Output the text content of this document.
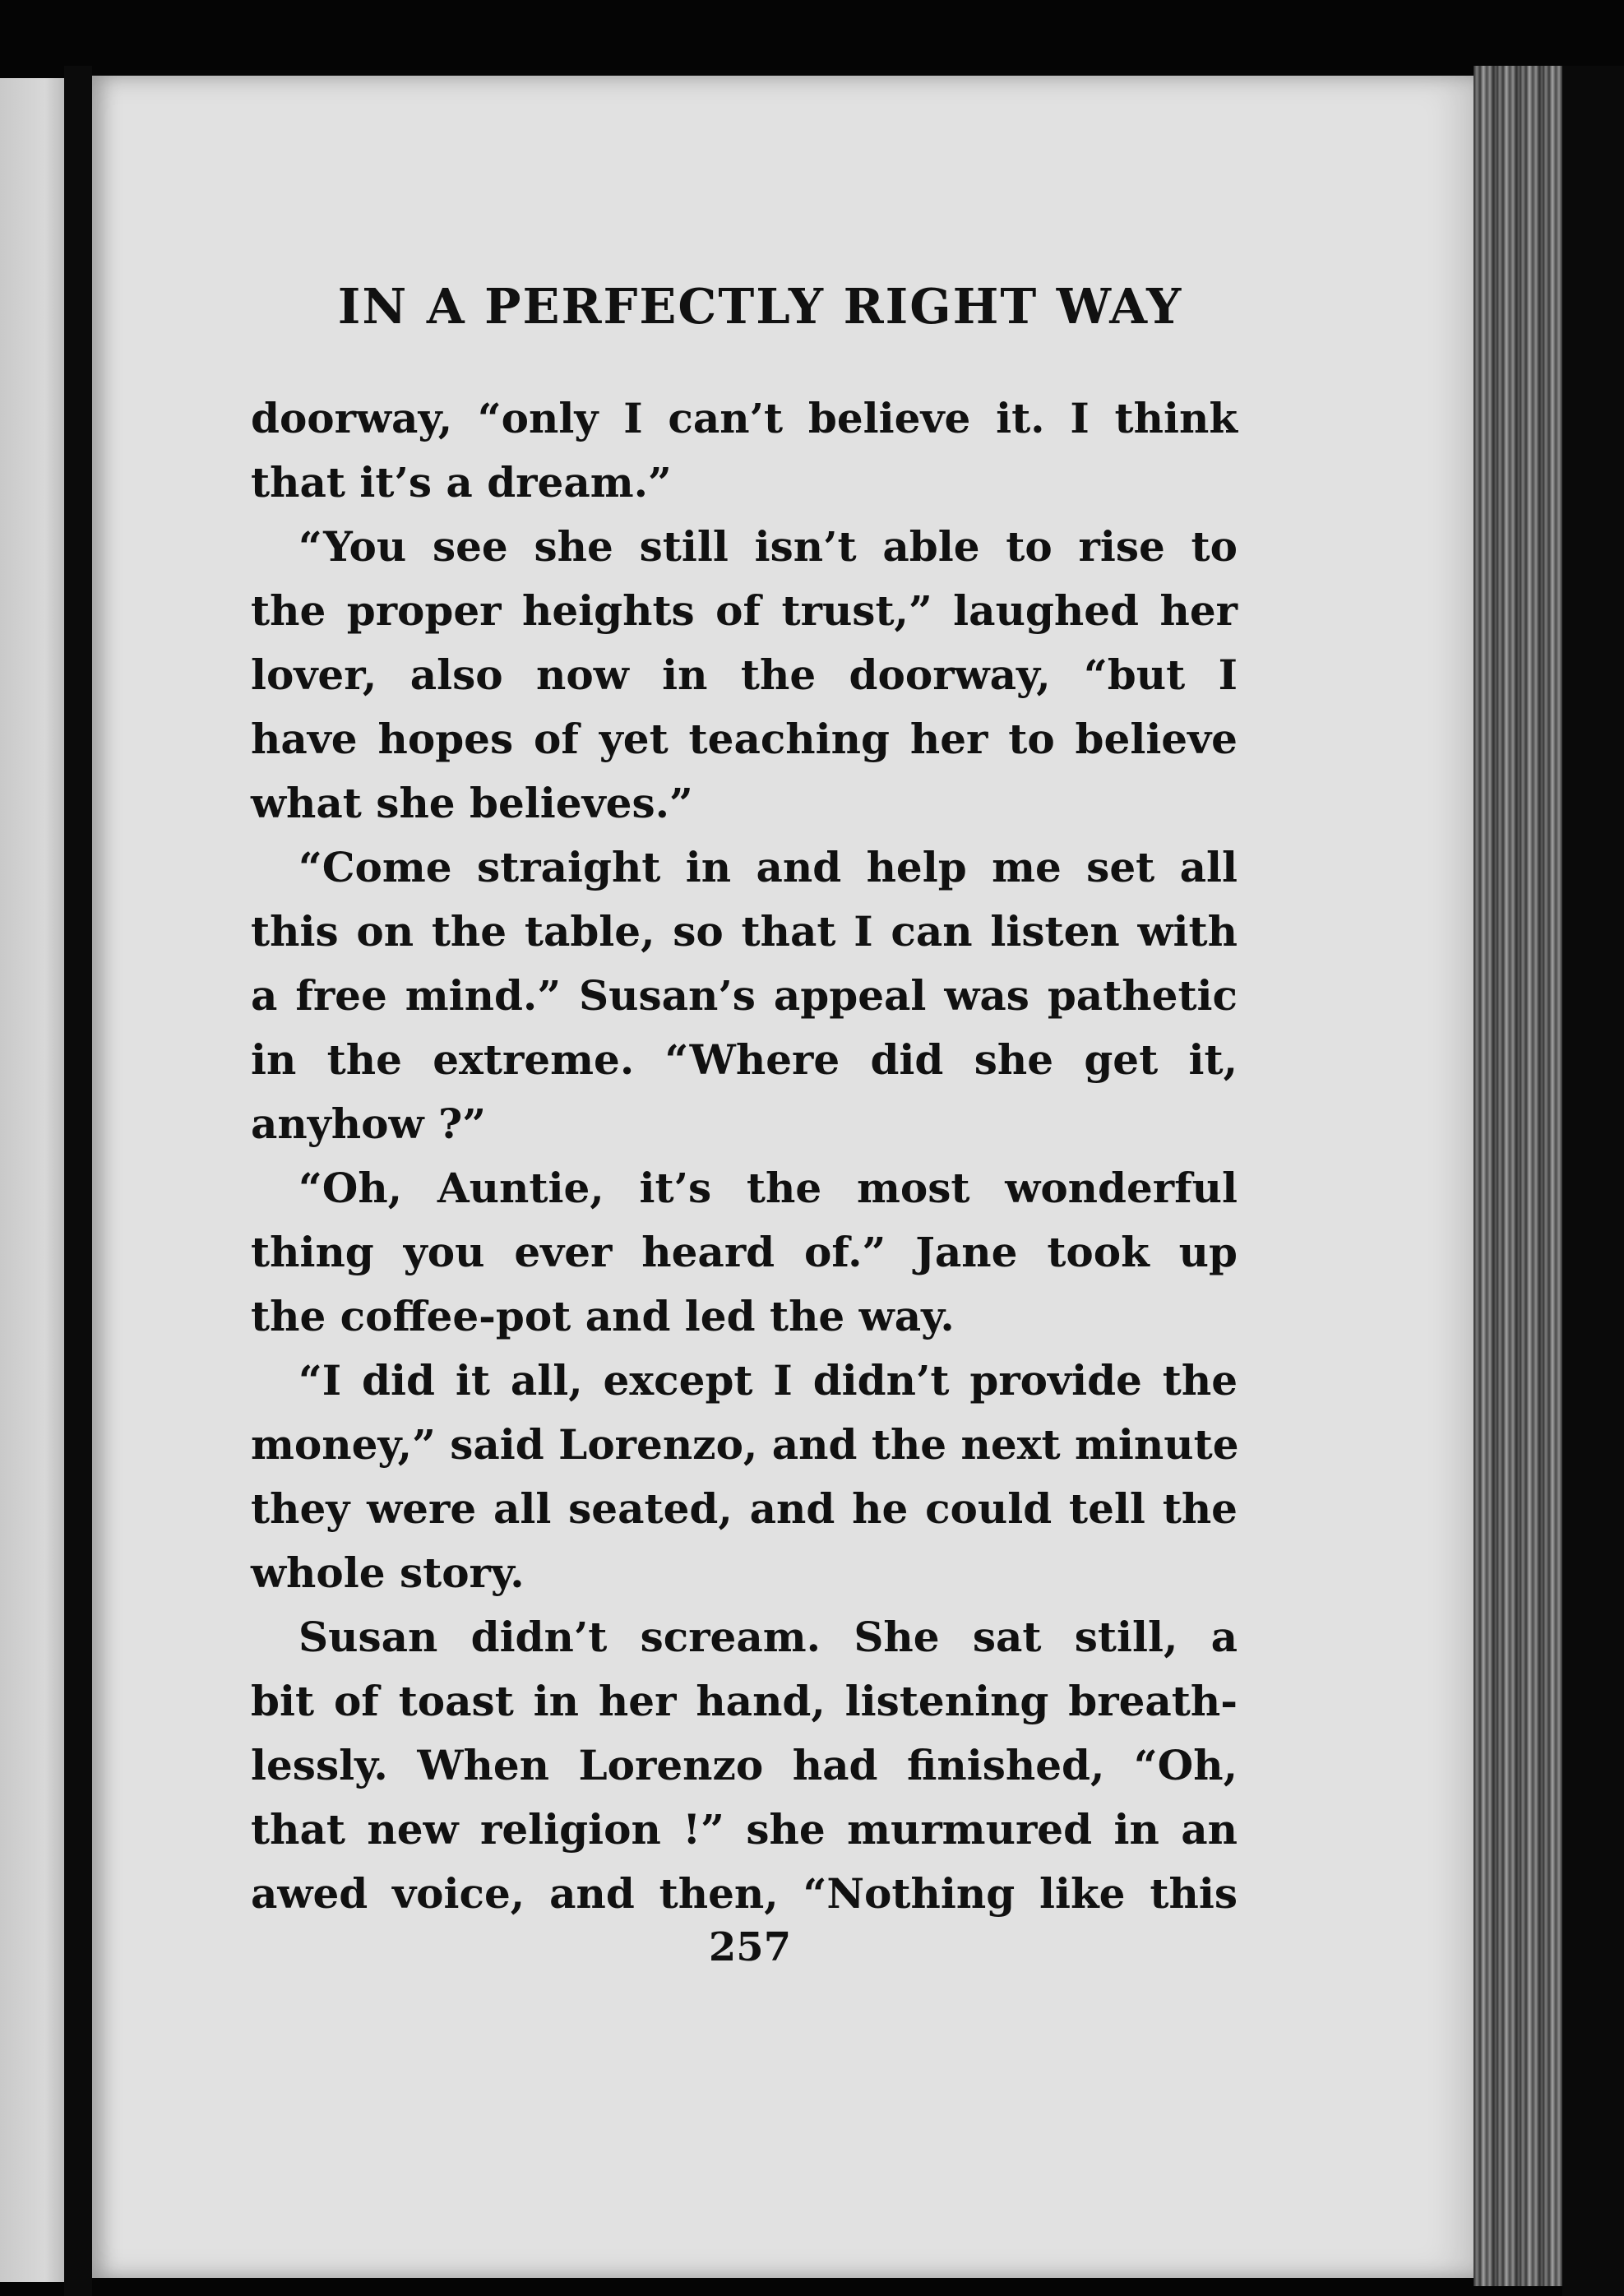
IN A PERFECTLY RIGHT WAY
doorway, “only I can’t believe it. I think
that it’s a dream.”
“You see she still isn’t able to rise to
the proper heights of trust,” laughed her
lover, also now in the doorway, “but I
have hopes of yet teaching her to believe
what she believes.”
“Come straight in and help me set all
this on the table, so that I can listen with
a free mind.” Susan’s appeal was pathetic
in the extreme. “Where did she get it,
anyhow ?”
“Oh, Auntie, it’s the most wonderful
thing you ever heard of.” Jane took up
the coffee-pot and led the way.
“I did it all, except I didn’t provide the
money,” said Lorenzo, and the next minute
they were all seated, and he could tell the
whole story.
Susan didn’t scream. She sat still, a
bit of toast in her hand, listening breath-
lessly. When Lorenzo had finished, “Oh,
that new religion !” she murmured in an
awed voice, and then, “Nothing like this
257
